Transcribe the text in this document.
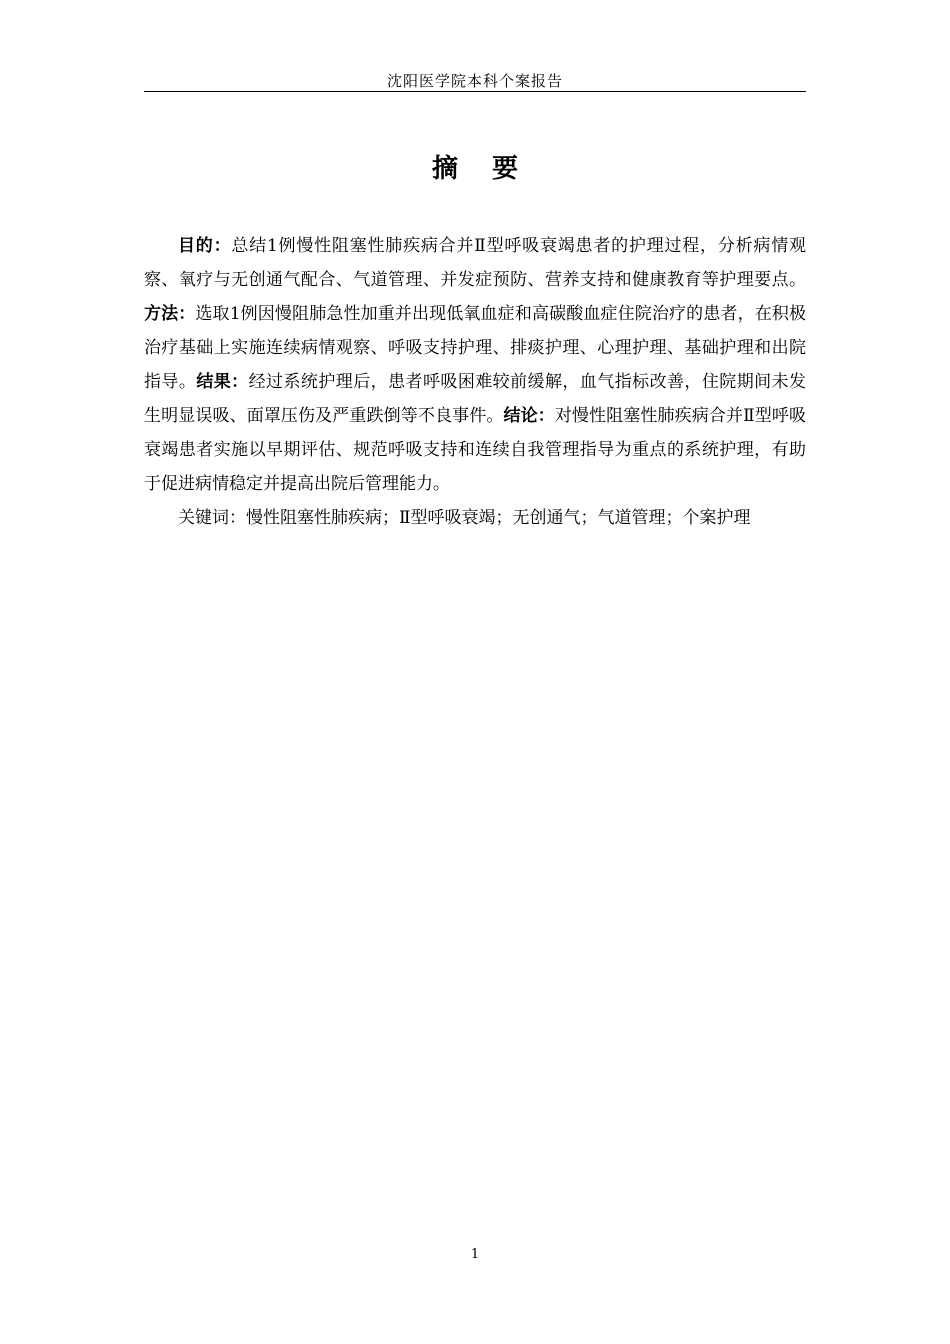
沈阳医学院本科个案报告
摘 要

目的：总结1例慢性阻塞性肺疾病合并Ⅱ型呼吸衰竭患者的护理过程，分析病情观察、氧疗与无创通气配合、气道管理、并发症预防、营养支持和健康教育等护理要点。方法：选取1例因慢阻肺急性加重并出现低氧血症和高碳酸血症住院治疗的患者，在积极治疗基础上实施连续病情观察、呼吸支持护理、排痰护理、心理护理、基础护理和出院指导。结果：经过系统护理后，患者呼吸困难较前缓解，血气指标改善，住院期间未发生明显误吸、面罩压伤及严重跌倒等不良事件。结论：对慢性阻塞性肺疾病合并Ⅱ型呼吸衰竭患者实施以早期评估、规范呼吸支持和连续自我管理指导为重点的系统护理，有助于促进病情稳定并提高出院后管理能力。

关键词：慢性阻塞性肺疾病；Ⅱ型呼吸衰竭；无创通气；气道管理；个案护理

1
